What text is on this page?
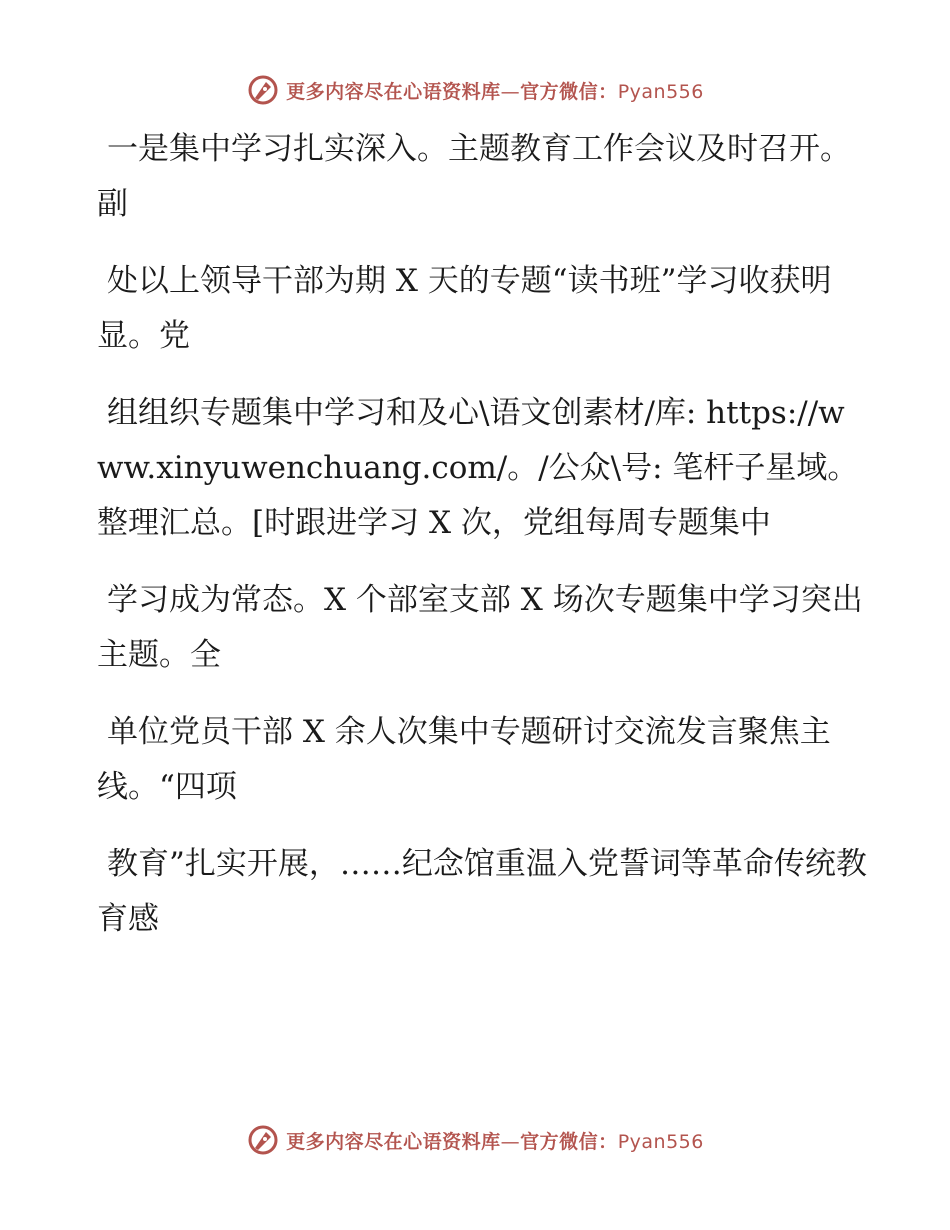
更多内容尽在心语资料库—官方微信：Pyan556

一是集中学习扎实深入。主题教育工作会议及时召开。副

处以上领导干部为期 X 天的专题“读书班”学习收获明显。党

组组织专题集中学习和及心\语文创素材/库: https://www.xinyuwenchuang.com/。/公众\号: 笔杆子星域。整理汇总。[时跟进学习 X 次，党组每周专题集中

学习成为常态。X 个部室支部 X 场次专题集中学习突出主题。全

单位党员干部 X 余人次集中专题研讨交流发言聚焦主线。“四项

教育”扎实开展，……纪念馆重温入党誓词等革命传统教育感

更多内容尽在心语资料库—官方微信：Pyan556
